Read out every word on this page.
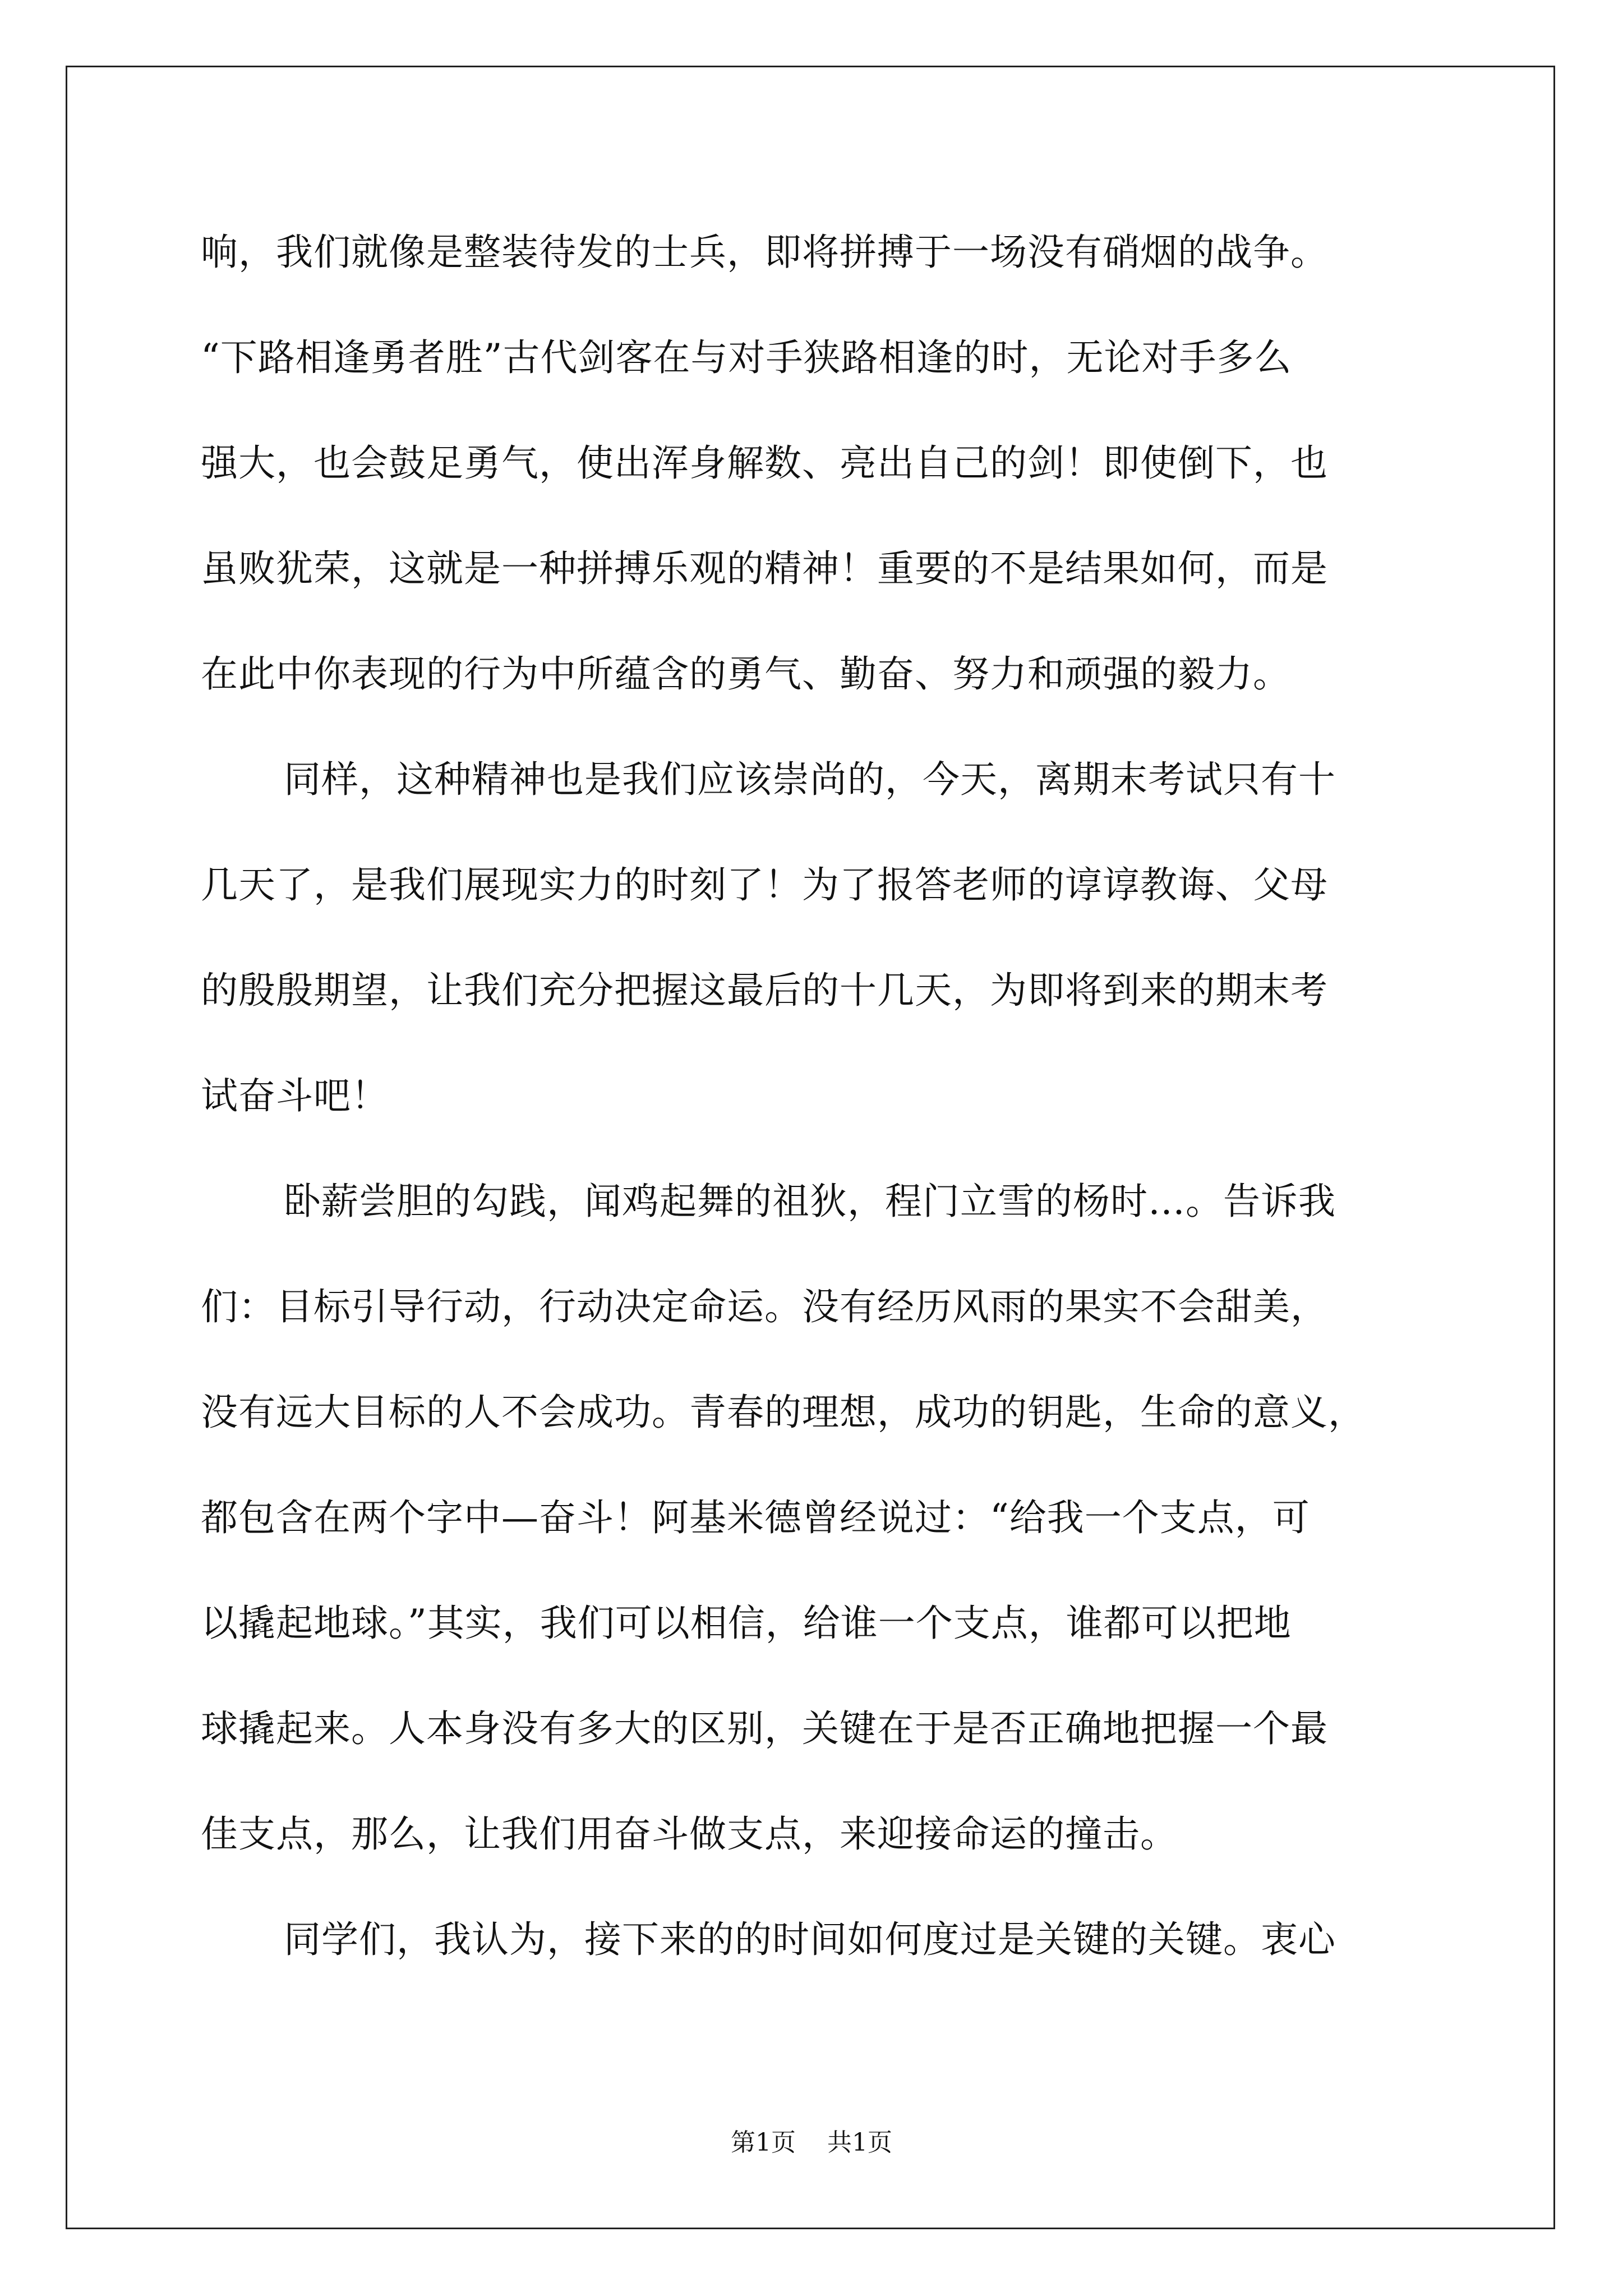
响，我们就像是整装待发的士兵，即将拼搏于一场没有硝烟的战争。
“下路相逢勇者胜”古代剑客在与对手狭路相逢的时，无论对手多么
强大，也会鼓足勇气，使出浑身解数、亮出自己的剑！即使倒下，也
虽败犹荣，这就是一种拼搏乐观的精神！重要的不是结果如何，而是
在此中你表现的行为中所蕴含的勇气、勤奋、努力和顽强的毅力。
同样，这种精神也是我们应该崇尚的，今天，离期末考试只有十
几天了，是我们展现实力的时刻了！为了报答老师的谆谆教诲、父母
的殷殷期望，让我们充分把握这最后的十几天，为即将到来的期末考
试奋斗吧！
卧薪尝胆的勾践，闻鸡起舞的祖狄，程门立雪的杨时…。告诉我
们：目标引导行动，行动决定命运。没有经历风雨的果实不会甜美，
没有远大目标的人不会成功。青春的理想，成功的钥匙，生命的意义，
都包含在两个字中—奋斗！阿基米德曾经说过：“给我一个支点，可
以撬起地球。”其实，我们可以相信，给谁一个支点，谁都可以把地
球撬起来。人本身没有多大的区别，关键在于是否正确地把握一个最
佳支点，那么，让我们用奋斗做支点，来迎接命运的撞击。
同学们，我认为，接下来的的时间如何度过是关键的关键。衷心
第1页 共1页
